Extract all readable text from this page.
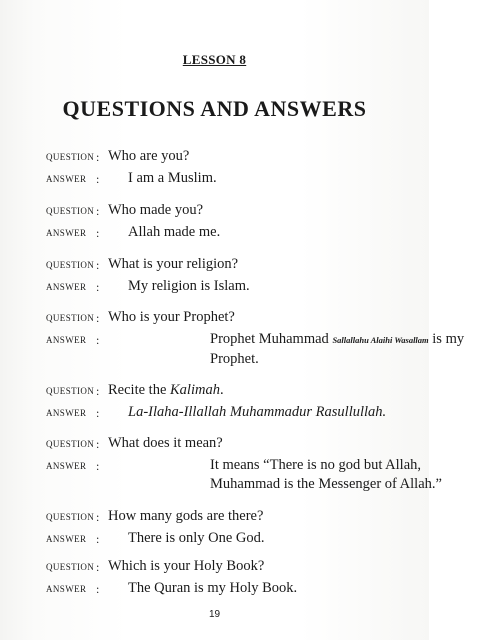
LESSON 8
QUESTIONS AND ANSWERS
QUESTION : Who are you?
ANSWER : I am a Muslim.
QUESTION : Who made you?
ANSWER : Allah made me.
QUESTION : What is your religion?
ANSWER : My religion is Islam.
QUESTION : Who is your Prophet?
ANSWER :	Prophet Muhammad Sallallahu Alaihi Wasallam is my Prophet.
QUESTION : Recite the Kalimah.
ANSWER : La-Ilaha-Illallah Muhammadur Rasullullah.
QUESTION : What does it mean?
ANSWER :	It means “There is no god but Allah, Muhammad is the Messenger of Allah.”
QUESTION : How many gods are there?
ANSWER : There is only One God.
QUESTION : Which is your Holy Book?
ANSWER : The Quran is my Holy Book.
19
